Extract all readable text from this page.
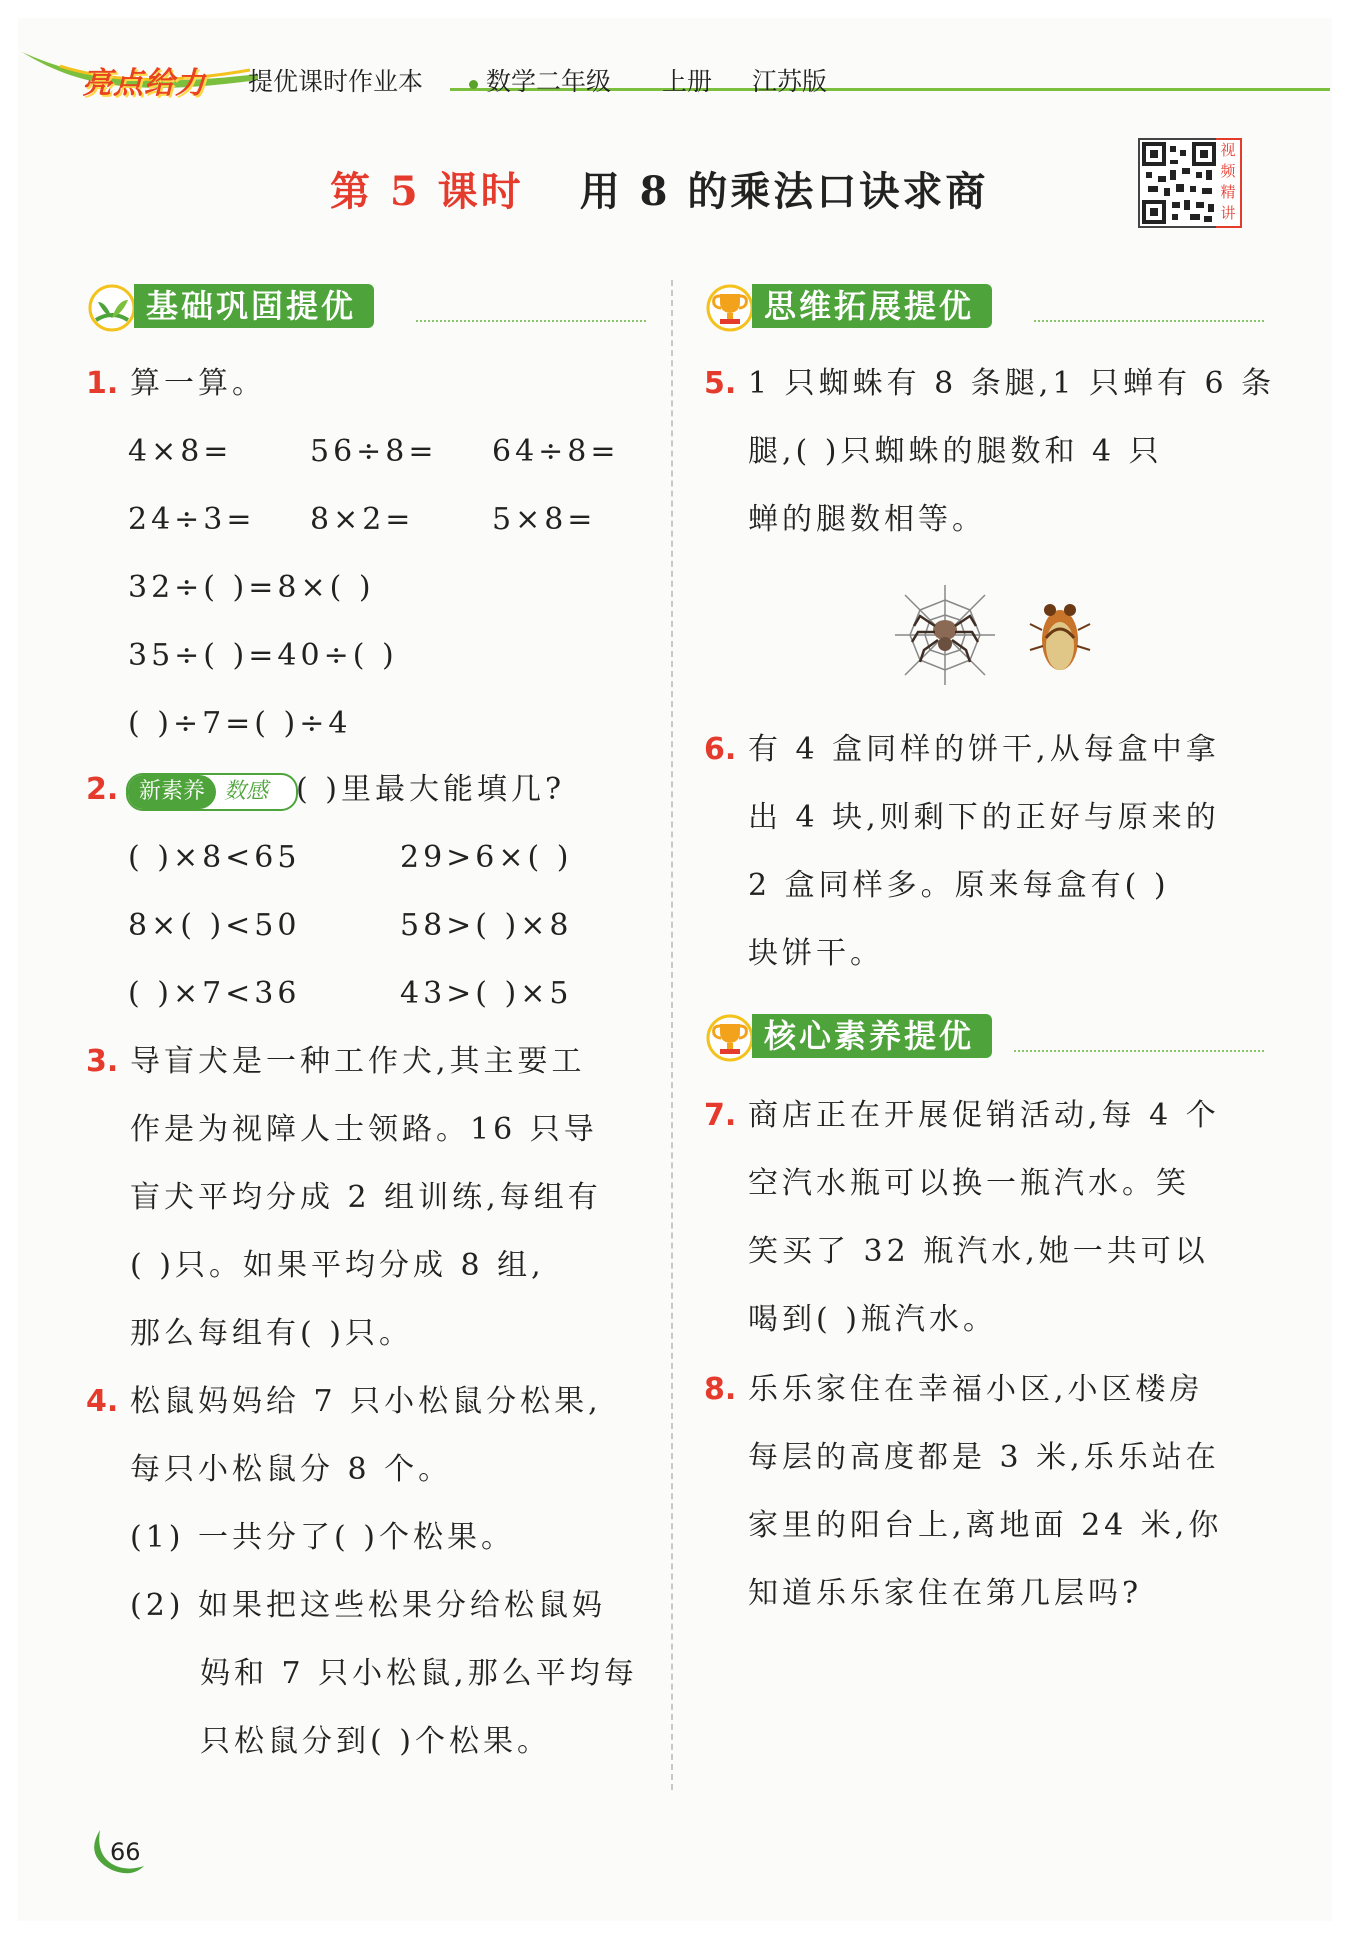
亮点给力	提优课时作业本	数学二年级 上册 江苏版
第 5 课时 用 8 的乘法口诀求商
视频精讲
基础巩固提优	思维拓展提优
核心素养提优
1. 算一算。
4×8=	56÷8= 64÷8=
24÷3= 8×2=	5×8=
32÷( )=8×( )
35÷( )=40÷( )
( )÷7=( )÷4
2. 新素养 数感 ( )里最大能填几?
( )×8<65	29>6×( )
8×( )<50	58>( )×8
( )×7<36	43>( )×5
3. 导盲犬是一种工作犬,其主要工
作是为视障人士领路。16 只导
盲犬平均分成 2 组训练,每组有
( )只。如果平均分成 8 组,
那么每组有( )只。
4. 松鼠妈妈给 7 只小松鼠分松果,
每只小松鼠分 8 个。
(1) 一共分了( )个松果。
(2) 如果把这些松果分给松鼠妈
妈和 7 只小松鼠,那么平均每
只松鼠分到( )个松果。
5. 1 只蜘蛛有 8 条腿,1 只蝉有 6 条
腿,( )只蜘蛛的腿数和 4 只
蝉的腿数相等。
6. 有 4 盒同样的饼干,从每盒中拿
出 4 块,则剩下的正好与原来的
2 盒同样多。原来每盒有( )
块饼干。
7. 商店正在开展促销活动,每 4 个
空汽水瓶可以换一瓶汽水。笑
笑买了 32 瓶汽水,她一共可以
喝到( )瓶汽水。
8. 乐乐家住在幸福小区,小区楼房
每层的高度都是 3 米,乐乐站在
家里的阳台上,离地面 24 米,你
知道乐乐家住在第几层吗?
66
